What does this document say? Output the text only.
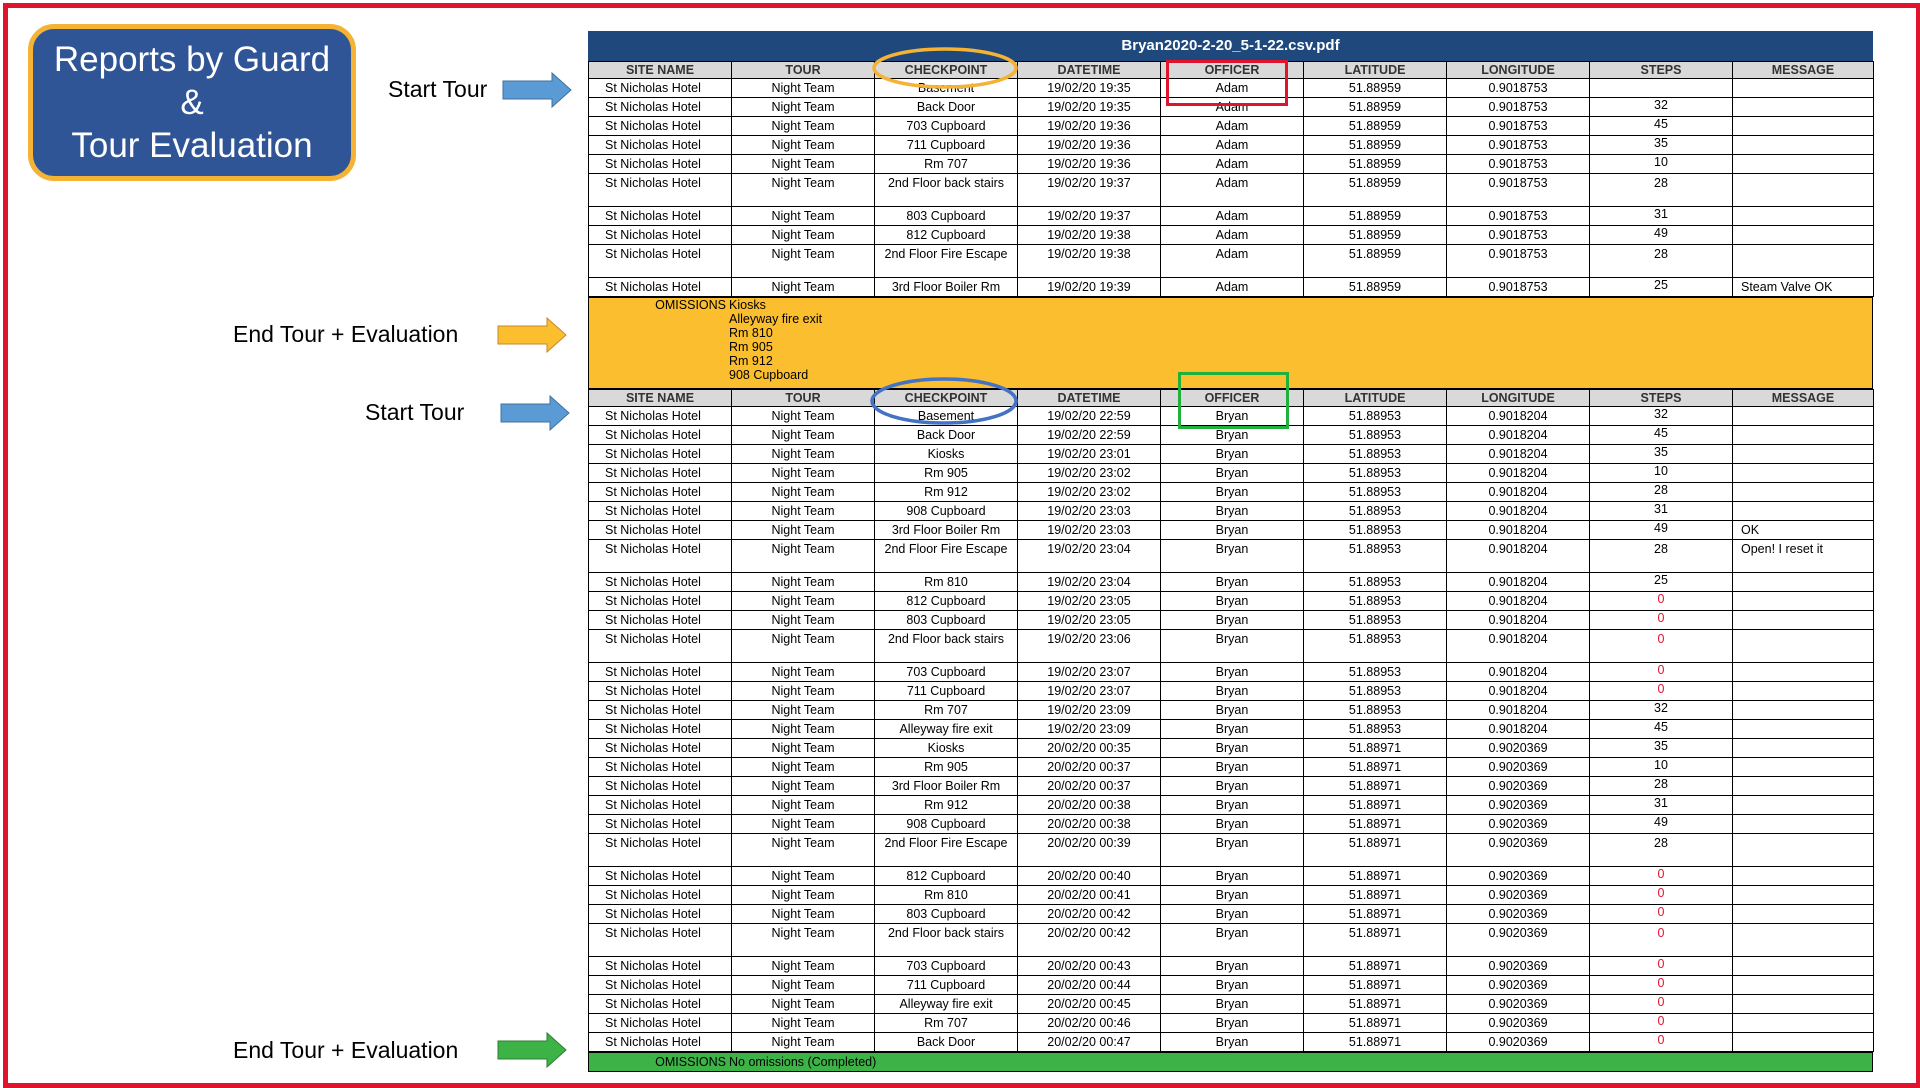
Reports by Guard
&
Tour Evaluation
Start Tour
End Tour + Evaluation
Start Tour
End Tour + Evaluation
Bryan2020-2-20_5-1-22.csv.pdf
SITE NAME	TOUR	CHECKPOINT	DATETIME	OFFICER	LATITUDE	LONGITUDE	STEPS	MESSAGE
St Nicholas Hotel	Night Team	Basement	19/02/20 19:35	Adam	51.88959	0.9018753		
St Nicholas Hotel	Night Team	Back Door	19/02/20 19:35	Adam	51.88959	0.9018753	32	
St Nicholas Hotel	Night Team	703 Cupboard	19/02/20 19:36	Adam	51.88959	0.9018753	45	
St Nicholas Hotel	Night Team	711 Cupboard	19/02/20 19:36	Adam	51.88959	0.9018753	35	
St Nicholas Hotel	Night Team	Rm 707	19/02/20 19:36	Adam	51.88959	0.9018753	10	
St Nicholas Hotel	Night Team	2nd Floor back stairs	19/02/20 19:37	Adam	51.88959	0.9018753	28	
St Nicholas Hotel	Night Team	803 Cupboard	19/02/20 19:37	Adam	51.88959	0.9018753	31	
St Nicholas Hotel	Night Team	812 Cupboard	19/02/20 19:38	Adam	51.88959	0.9018753	49	
St Nicholas Hotel	Night Team	2nd Floor Fire Escape	19/02/20 19:38	Adam	51.88959	0.9018753	28	
St Nicholas Hotel	Night Team	3rd Floor Boiler Rm	19/02/20 19:39	Adam	51.88959	0.9018753	25	Steam Valve OK
OMISSIONS Kiosks
Alleyway fire exit
Rm 810
Rm 905
Rm 912
908 Cupboard
SITE NAME	TOUR	CHECKPOINT	DATETIME	OFFICER	LATITUDE	LONGITUDE	STEPS	MESSAGE
St Nicholas Hotel	Night Team	Basement	19/02/20 22:59	Bryan	51.88953	0.9018204	32	
St Nicholas Hotel	Night Team	Back Door	19/02/20 22:59	Bryan	51.88953	0.9018204	45	
St Nicholas Hotel	Night Team	Kiosks	19/02/20 23:01	Bryan	51.88953	0.9018204	35	
St Nicholas Hotel	Night Team	Rm 905	19/02/20 23:02	Bryan	51.88953	0.9018204	10	
St Nicholas Hotel	Night Team	Rm 912	19/02/20 23:02	Bryan	51.88953	0.9018204	28	
St Nicholas Hotel	Night Team	908 Cupboard	19/02/20 23:03	Bryan	51.88953	0.9018204	31	
St Nicholas Hotel	Night Team	3rd Floor Boiler Rm	19/02/20 23:03	Bryan	51.88953	0.9018204	49	OK
St Nicholas Hotel	Night Team	2nd Floor Fire Escape	19/02/20 23:04	Bryan	51.88953	0.9018204	28	Open! I reset it
St Nicholas Hotel	Night Team	Rm 810	19/02/20 23:04	Bryan	51.88953	0.9018204	25	
St Nicholas Hotel	Night Team	812 Cupboard	19/02/20 23:05	Bryan	51.88953	0.9018204	0	
St Nicholas Hotel	Night Team	803 Cupboard	19/02/20 23:05	Bryan	51.88953	0.9018204	0	
St Nicholas Hotel	Night Team	2nd Floor back stairs	19/02/20 23:06	Bryan	51.88953	0.9018204	0	
St Nicholas Hotel	Night Team	703 Cupboard	19/02/20 23:07	Bryan	51.88953	0.9018204	0	
St Nicholas Hotel	Night Team	711 Cupboard	19/02/20 23:07	Bryan	51.88953	0.9018204	0	
St Nicholas Hotel	Night Team	Rm 707	19/02/20 23:09	Bryan	51.88953	0.9018204	32	
St Nicholas Hotel	Night Team	Alleyway fire exit	19/02/20 23:09	Bryan	51.88953	0.9018204	45	
St Nicholas Hotel	Night Team	Kiosks	20/02/20 00:35	Bryan	51.88971	0.9020369	35	
St Nicholas Hotel	Night Team	Rm 905	20/02/20 00:37	Bryan	51.88971	0.9020369	10	
St Nicholas Hotel	Night Team	3rd Floor Boiler Rm	20/02/20 00:37	Bryan	51.88971	0.9020369	28	
St Nicholas Hotel	Night Team	Rm 912	20/02/20 00:38	Bryan	51.88971	0.9020369	31	
St Nicholas Hotel	Night Team	908 Cupboard	20/02/20 00:38	Bryan	51.88971	0.9020369	49	
St Nicholas Hotel	Night Team	2nd Floor Fire Escape	20/02/20 00:39	Bryan	51.88971	0.9020369	28	
St Nicholas Hotel	Night Team	812 Cupboard	20/02/20 00:40	Bryan	51.88971	0.9020369	0	
St Nicholas Hotel	Night Team	Rm 810	20/02/20 00:41	Bryan	51.88971	0.9020369	0	
St Nicholas Hotel	Night Team	803 Cupboard	20/02/20 00:42	Bryan	51.88971	0.9020369	0	
St Nicholas Hotel	Night Team	2nd Floor back stairs	20/02/20 00:42	Bryan	51.88971	0.9020369	0	
St Nicholas Hotel	Night Team	703 Cupboard	20/02/20 00:43	Bryan	51.88971	0.9020369	0	
St Nicholas Hotel	Night Team	711 Cupboard	20/02/20 00:44	Bryan	51.88971	0.9020369	0	
St Nicholas Hotel	Night Team	Alleyway fire exit	20/02/20 00:45	Bryan	51.88971	0.9020369	0	
St Nicholas Hotel	Night Team	Rm 707	20/02/20 00:46	Bryan	51.88971	0.9020369	0	
St Nicholas Hotel	Night Team	Back Door	20/02/20 00:47	Bryan	51.88971	0.9020369	0	
OMISSIONS No omissions (Completed)
